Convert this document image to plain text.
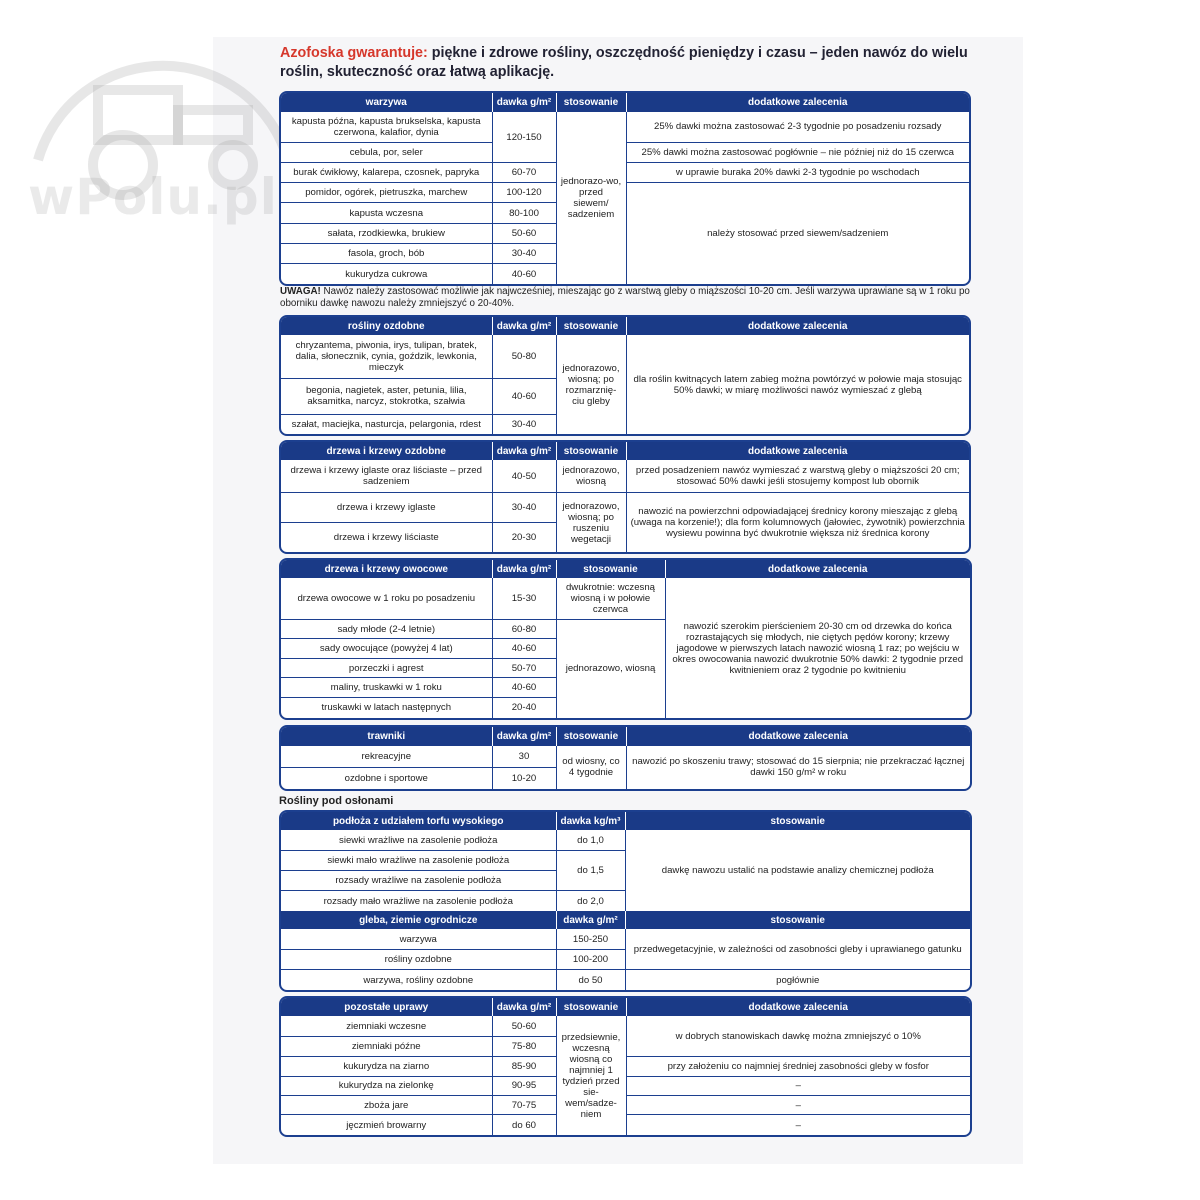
wPolu.pl
Azofoska gwarantuje: piękne i zdrowe rośliny, oszczędność pieniędzy i czasu – jeden nawóz do wielu roślin, skuteczność oraz łatwą aplikację.
warzywa	dawka g/m²	stosowanie	dodatkowe zalecenia
kapusta późna, kapusta brukselska, kapusta czerwona, kalafior, dynia	120-150	jednorazo-wo, przed siewem/ sadzeniem	25% dawki można zastosować 2-3 tygodnie po posadzeniu rozsady
cebula, por, seler			25% dawki można zastosować pogłównie – nie później niż do 15 czerwca
burak ćwikłowy, kalarepa, czosnek, papryka	60-70		w uprawie buraka 20% dawki 2-3 tygodnie po wschodach
pomidor, ogórek, pietruszka, marchew	100-120		należy stosować przed siewem/sadzeniem
kapusta wczesna	80-100		
sałata, rzodkiewka, brukiew	50-60		
fasola, groch, bób	30-40		
kukurydza cukrowa	40-60		
UWAGA! Nawóz należy zastosować możliwie jak najwcześniej, mieszając go z warstwą gleby o miąższości 10-20 cm. Jeśli warzywa uprawiane są w 1 roku po oborniku dawkę nawozu należy zmniejszyć o 20-40%.
rośliny ozdobne	dawka g/m²	stosowanie	dodatkowe zalecenia
chryzantema, piwonia, irys, tulipan, bratek, dalia, słonecznik, cynia, goździk, lewkonia, mieczyk	50-80	jednorazowo, wiosną; po rozmarznię-ciu gleby	dla roślin kwitnących latem zabieg można powtórzyć w połowie maja stosując 50% dawki; w miarę możliwości nawóz wymieszać z glebą
begonia, nagietek, aster, petunia, lilia, aksamitka, narcyz, stokrotka, szałwia	40-60		
szałat, maciejka, nasturcja, pelargonia, rdest	30-40		
drzewa i krzewy ozdobne	dawka g/m²	stosowanie	dodatkowe zalecenia
drzewa i krzewy iglaste oraz liściaste – przed sadzeniem	40-50	jednorazowo, wiosną	przed posadzeniem nawóz wymieszać z warstwą gleby o miąższości 20 cm; stosować 50% dawki jeśli stosujemy kompost lub obornik
drzewa i krzewy iglaste	30-40	jednorazowo, wiosną; po ruszeniu wegetacji	nawozić na powierzchni odpowiadającej średnicy korony mieszając z glebą (uwaga na korzenie!); dla form kolumnowych (jałowiec, żywotnik) powierzchnia wysiewu powinna być dwukrotnie większa niż średnica korony
drzewa i krzewy liściaste	20-30		
drzewa i krzewy owocowe	dawka g/m²	stosowanie	dodatkowe zalecenia
drzewa owocowe w 1 roku po posadzeniu	15-30	dwukrotnie: wczesną wiosną i w połowie czerwca	nawozić szerokim pierścieniem 20-30 cm od drzewka do końca rozrastających się młodych, nie ciętych pędów korony; krzewy jagodowe w pierwszych latach nawozić wiosną 1 raz; po wejściu w okres owocowania nawozić dwukrotnie 50% dawki: 2 tygodnie przed kwitnieniem oraz 2 tygodnie po kwitnieniu
sady młode (2-4 letnie)	60-80	jednorazowo, wiosną	
sady owocujące (powyżej 4 lat)	40-60		
porzeczki i agrest	50-70		
maliny, truskawki w 1 roku	40-60		
truskawki w latach następnych	20-40		
trawniki	dawka g/m²	stosowanie	dodatkowe zalecenia
rekreacyjne	30	od wiosny, co 4 tygodnie	nawozić po skoszeniu trawy; stosować do 15 sierpnia; nie przekraczać łącznej dawki 150 g/m² w roku
ozdobne i sportowe	10-20		
Rośliny pod osłonami
podłoża z udziałem torfu wysokiego	dawka kg/m³	stosowanie
siewki wrażliwe na zasolenie podłoża	do 1,0	dawkę nawozu ustalić na podstawie analizy chemicznej podłoża
siewki mało wrażliwe na zasolenie podłoża	do 1,5	
rozsady wrażliwe na zasolenie podłoża		
rozsady mało wrażliwe na zasolenie podłoża	do 2,0	
gleba, ziemie ogrodnicze	dawka g/m²	stosowanie
warzywa	150-250	przedwegetacyjnie, w zależności od zasobności gleby i uprawianego gatunku
rośliny ozdobne	100-200	
warzywa, rośliny ozdobne	do 50	pogłównie
pozostałe uprawy	dawka g/m²	stosowanie	dodatkowe zalecenia
ziemniaki wczesne	50-60	przedsiewnie, wczesną wiosną co najmniej 1 tydzień przed sie-wem/sadze-niem	w dobrych stanowiskach dawkę można zmniejszyć o 10%
ziemniaki późne	75-80		
kukurydza na ziarno	85-90		przy założeniu co najmniej średniej zasobności gleby w fosfor
kukurydza na zielonkę	90-95		–
zboża jare	70-75		–
jęczmień browarny	do 60		–
